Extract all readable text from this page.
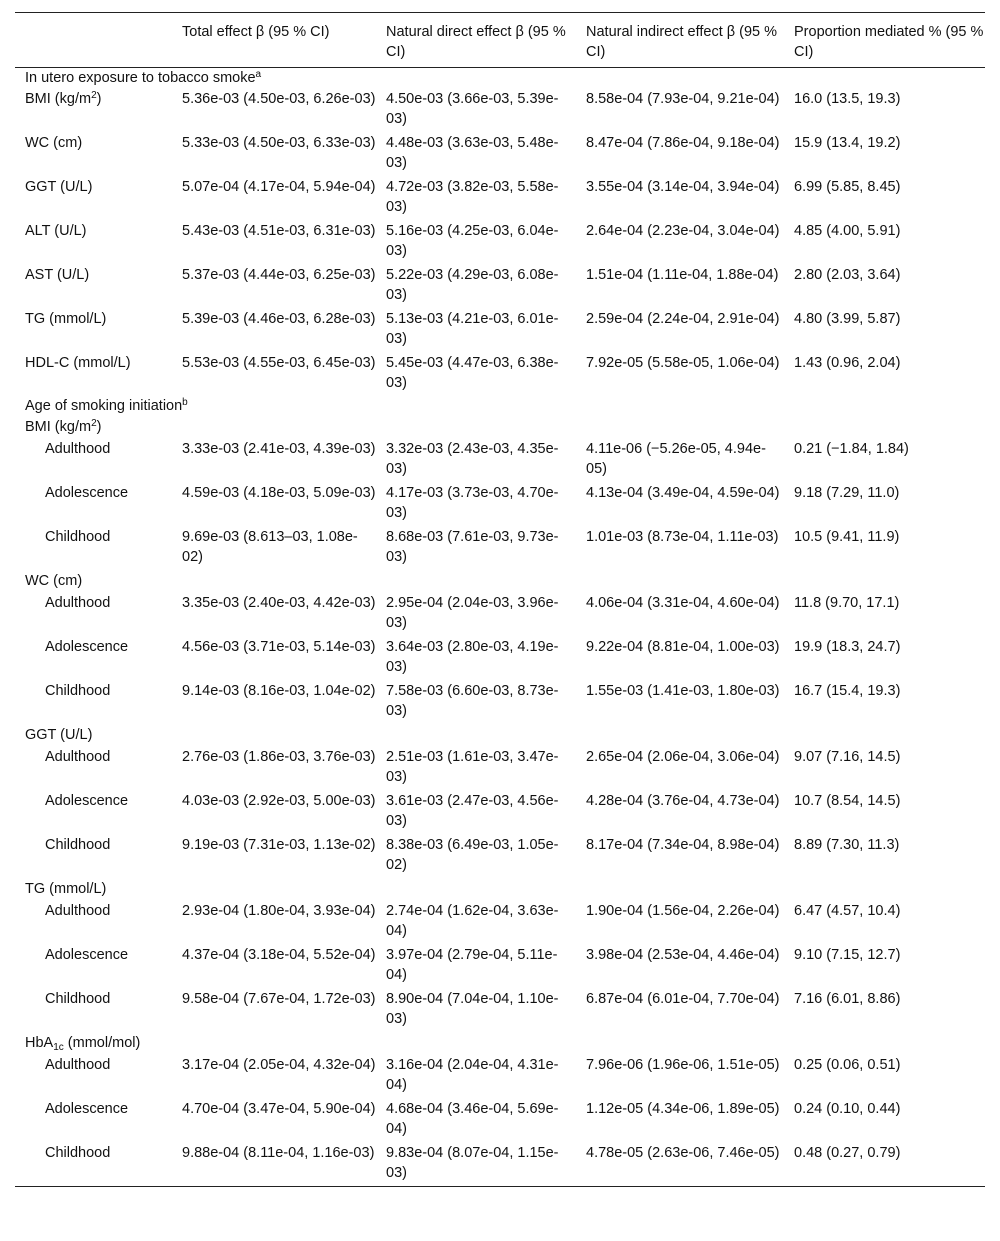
	Total effect β (95 % CI)	Natural direct effect β (95 % CI)	Natural indirect effect β (95 % CI)	Proportion mediated % (95 % CI)
In utero exposure to tobacco smoke$^a$
BMI $(kg/m^2)$	5.36e-03 (4.50e-03, 6.26e-03)	4.50e-03 (3.66e-03, 5.39e-03)	8.58e-04 (7.93e-04, 9.21e-04)	16.0 (13.5, 19.3)
WC (cm)	5.33e-03 (4.50e-03, 6.33e-03)	4.48e-03 (3.63e-03, 5.48e-03)	8.47e-04 (7.86e-04, 9.18e-04)	15.9 (13.4, 19.2)
GGT (U/L)	5.07e-04 (4.17e-04, 5.94e-04)	4.72e-03 (3.82e-03, 5.58e-03)	3.55e-04 (3.14e-04, 3.94e-04)	6.99 (5.85, 8.45)
ALT (U/L)	5.43e-03 (4.51e-03, 6.31e-03)	5.16e-03 (4.25e-03, 6.04e-03)	2.64e-04 (2.23e-04, 3.04e-04)	4.85 (4.00, 5.91)
AST (U/L)	5.37e-03 (4.44e-03, 6.25e-03)	5.22e-03 (4.29e-03, 6.08e-03)	1.51e-04 (1.11e-04, 1.88e-04)	2.80 (2.03, 3.64)
TG (mmol/L)	5.39e-03 (4.46e-03, 6.28e-03)	5.13e-03 (4.21e-03, 6.01e-03)	2.59e-04 (2.24e-04, 2.91e-04)	4.80 (3.99, 5.87)
HDL-C (mmol/L)	5.53e-03 (4.55e-03, 6.45e-03)	5.45e-03 (4.47e-03, 6.38e-03)	7.92e-05 (5.58e-05, 1.06e-04)	1.43 (0.96, 2.04)
Age of smoking initiation$^b$
BMI $(kg/m^2)$				
Adulthood	3.33e-03 (2.41e-03, 4.39e-03)	3.32e-03 (2.43e-03, 4.35e-03)	4.11e-06 (−5.26e-05, 4.94e-05)	0.21 (−1.84, 1.84)
Adolescence	4.59e-03 (4.18e-03, 5.09e-03)	4.17e-03 (3.73e-03, 4.70e-03)	4.13e-04 (3.49e-04, 4.59e-04)	9.18 (7.29, 11.0)
Childhood	9.69e-03 (8.613–03, 1.08e-02)	8.68e-03 (7.61e-03, 9.73e-03)	1.01e-03 (8.73e-04, 1.11e-03)	10.5 (9.41, 11.9)
WC (cm)				
Adulthood	3.35e-03 (2.40e-03, 4.42e-03)	2.95e-04 (2.04e-03, 3.96e-03)	4.06e-04 (3.31e-04, 4.60e-04)	11.8 (9.70, 17.1)
Adolescence	4.56e-03 (3.71e-03, 5.14e-03)	3.64e-03 (2.80e-03, 4.19e-03)	9.22e-04 (8.81e-04, 1.00e-03)	19.9 (18.3, 24.7)
Childhood	9.14e-03 (8.16e-03, 1.04e-02)	7.58e-03 (6.60e-03, 8.73e-03)	1.55e-03 (1.41e-03, 1.80e-03)	16.7 (15.4, 19.3)
GGT (U/L)				
Adulthood	2.76e-03 (1.86e-03, 3.76e-03)	2.51e-03 (1.61e-03, 3.47e-03)	2.65e-04 (2.06e-04, 3.06e-04)	9.07 (7.16, 14.5)
Adolescence	4.03e-03 (2.92e-03, 5.00e-03)	3.61e-03 (2.47e-03, 4.56e-03)	4.28e-04 (3.76e-04, 4.73e-04)	10.7 (8.54, 14.5)
Childhood	9.19e-03 (7.31e-03, 1.13e-02)	8.38e-03 (6.49e-03, 1.05e-02)	8.17e-04 (7.34e-04, 8.98e-04)	8.89 (7.30, 11.3)
TG (mmol/L)				
Adulthood	2.93e-04 (1.80e-04, 3.93e-04)	2.74e-04 (1.62e-04, 3.63e-04)	1.90e-04 (1.56e-04, 2.26e-04)	6.47 (4.57, 10.4)
Adolescence	4.37e-04 (3.18e-04, 5.52e-04)	3.97e-04 (2.79e-04, 5.11e-04)	3.98e-04 (2.53e-04, 4.46e-04)	9.10 (7.15, 12.7)
Childhood	9.58e-04 (7.67e-04, 1.72e-03)	8.90e-04 (7.04e-04, 1.10e-03)	6.87e-04 (6.01e-04, 7.70e-04)	7.16 (6.01, 8.86)
HbA$_{1c}$ (mmol/mol)				
Adulthood	3.17e-04 (2.05e-04, 4.32e-04)	3.16e-04 (2.04e-04, 4.31e-04)	7.96e-06 (1.96e-06, 1.51e-05)	0.25 (0.06, 0.51)
Adolescence	4.70e-04 (3.47e-04, 5.90e-04)	4.68e-04 (3.46e-04, 5.69e-04)	1.12e-05 (4.34e-06, 1.89e-05)	0.24 (0.10, 0.44)
Childhood	9.88e-04 (8.11e-04, 1.16e-03)	9.83e-04 (8.07e-04, 1.15e-03)	4.78e-05 (2.63e-06, 7.46e-05)	0.48 (0.27, 0.79)
